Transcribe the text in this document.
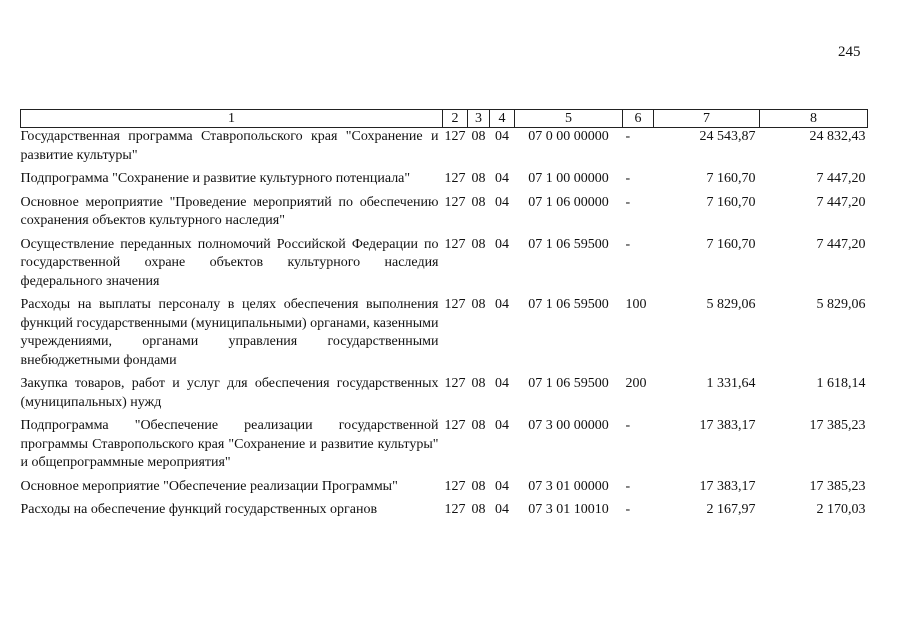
245
1	2	3	4	5	6	7	8
Государственная программа Ставропольского края "Сохранение и развитие культуры"	127	08	04	07 0 00 00000	-	24 543,87	24 832,43
Подпрограмма "Сохранение и развитие культурного потенциала"	127	08	04	07 1 00 00000	-	7 160,70	7 447,20
Основное мероприятие "Проведение мероприятий по обеспечению сохранения объектов культурного наследия"	127	08	04	07 1 06 00000	-	7 160,70	7 447,20
Осуществление переданных полномочий Российской Федерации по государственной охране объектов культурного наследия федерального значения	127	08	04	07 1 06 59500	-	7 160,70	7 447,20
Расходы на выплаты персоналу в целях обеспечения выполнения функций государственными (муниципальными) органами, казенными учреждениями, органами управления государственными внебюджетными фондами	127	08	04	07 1 06 59500	100	5 829,06	5 829,06
Закупка товаров, работ и услуг для обеспечения государственных (муниципальных) нужд	127	08	04	07 1 06 59500	200	1 331,64	1 618,14
Подпрограмма "Обеспечение реализации государственной программы Ставропольского края "Сохранение и развитие культуры" и общепрограммные мероприятия"	127	08	04	07 3 00 00000	-	17 383,17	17 385,23
Основное мероприятие "Обеспечение реализации Программы"	127	08	04	07 3 01 00000	-	17 383,17	17 385,23
Расходы на обеспечение функций государственных органов	127	08	04	07 3 01 10010	-	2 167,97	2 170,03
